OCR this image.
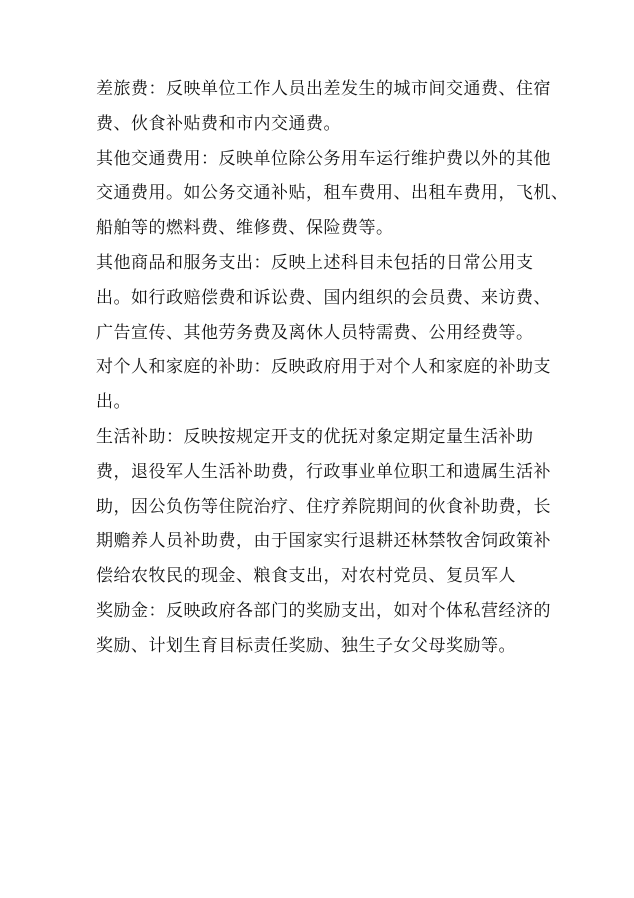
差旅费：反映单位工作人员出差发生的城市间交通费、住宿
费、伙食补贴费和市内交通费。
其他交通费用：反映单位除公务用车运行维护费以外的其他
交通费用。如公务交通补贴，租车费用、出租车费用，飞机、
船舶等的燃料费、维修费、保险费等。
其他商品和服务支出：反映上述科目未包括的日常公用支
出。如行政赔偿费和诉讼费、国内组织的会员费、来访费、
广告宣传、其他劳务费及离休人员特需费、公用经费等。
对个人和家庭的补助：反映政府用于对个人和家庭的补助支
出。
生活补助：反映按规定开支的优抚对象定期定量生活补助
费，退役军人生活补助费，行政事业单位职工和遗属生活补
助，因公负伤等住院治疗、住疗养院期间的伙食补助费，长
期赡养人员补助费，由于国家实行退耕还林禁牧舍饲政策补
偿给农牧民的现金、粮食支出，对农村党员、复员军人
奖励金：反映政府各部门的奖励支出，如对个体私营经济的
奖励、计划生育目标责任奖励、独生子女父母奖励等。
